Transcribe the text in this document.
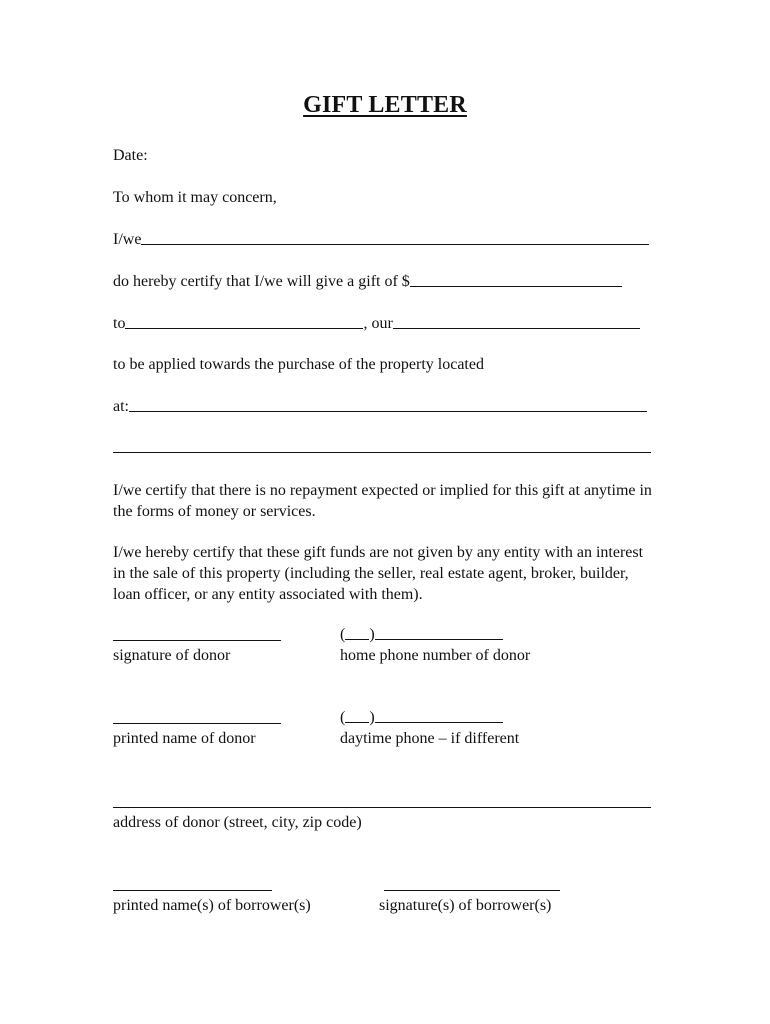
GIFT LETTER
Date:
To whom it may concern,
I/we
do hereby certify that I/we will give a gift of $
to	, our
to be applied towards the purchase of the property located
at:
I/we certify that there is no repayment expected or implied for this gift at anytime in the forms of money or services.
I/we hereby certify that these gift funds are not given by any entity with an interest in the sale of this property (including the seller, real estate agent, broker, builder, loan officer, or any entity associated with them).
signature of donor
( )
home phone number of donor
printed name of donor
( )
daytime phone – if different
address of donor (street, city, zip code)
printed name(s) of borrower(s)	signature(s) of borrower(s)
